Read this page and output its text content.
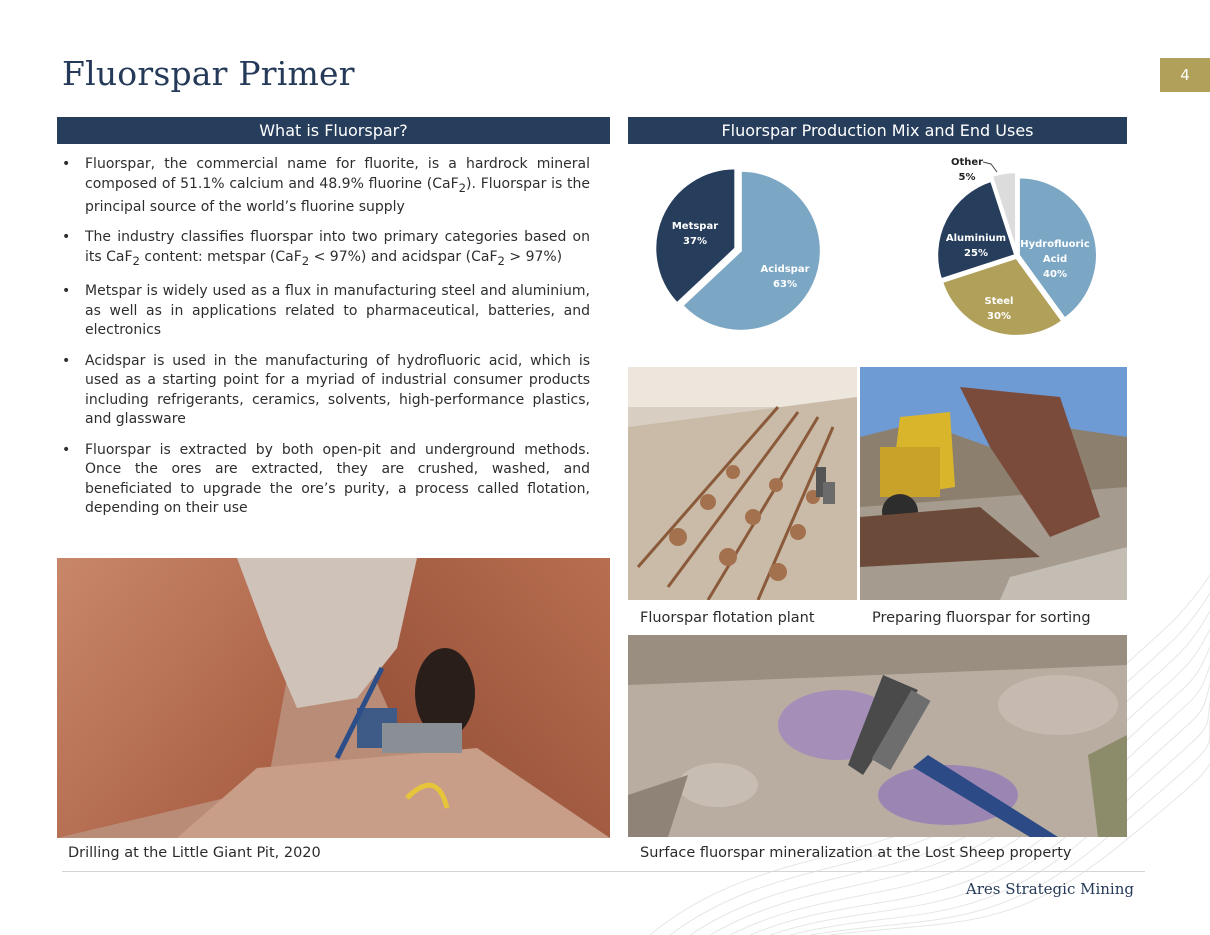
Fluorspar Primer	4
What is Fluorspar?
• Fluorspar, the commercial name for fluorite, is a hardrock mineral composed of 51.1% calcium and 48.9% fluorine (CaF$_2$). Fluorspar is the principal source of the world’s fluorine supply
• The industry classifies fluorspar into two primary categories based on its CaF$_2$ content: metspar (CaF$_2$ < 97%) and acidspar (CaF$_2$ > 97%)
• Metspar is widely used as a flux in manufacturing steel and aluminium, as well as in applications related to pharmaceutical, batteries, and electronics
• Acidspar is used in the manufacturing of hydrofluoric acid, which is used as a starting point for a myriad of industrial consumer products including refrigerants, ceramics, solvents, high-performance plastics, and glassware
• Fluorspar is extracted by both open-pit and underground methods. Once the ores are extracted, they are crushed, washed, and beneficiated to upgrade the ore’s purity, a process called flotation, depending on their use
Fluorspar Production Mix and End Uses
Acidspar 63%
Metspar 37%	Hydrofluoric Acid 40%
Steel 30%
Aluminium 25%
Other 5%
Fluorspar flotation plant	Preparing fluorspar for sorting
Drilling at the Little Giant Pit, 2020	Surface fluorspar mineralization at the Lost Sheep property
Ares Strategic Mining
